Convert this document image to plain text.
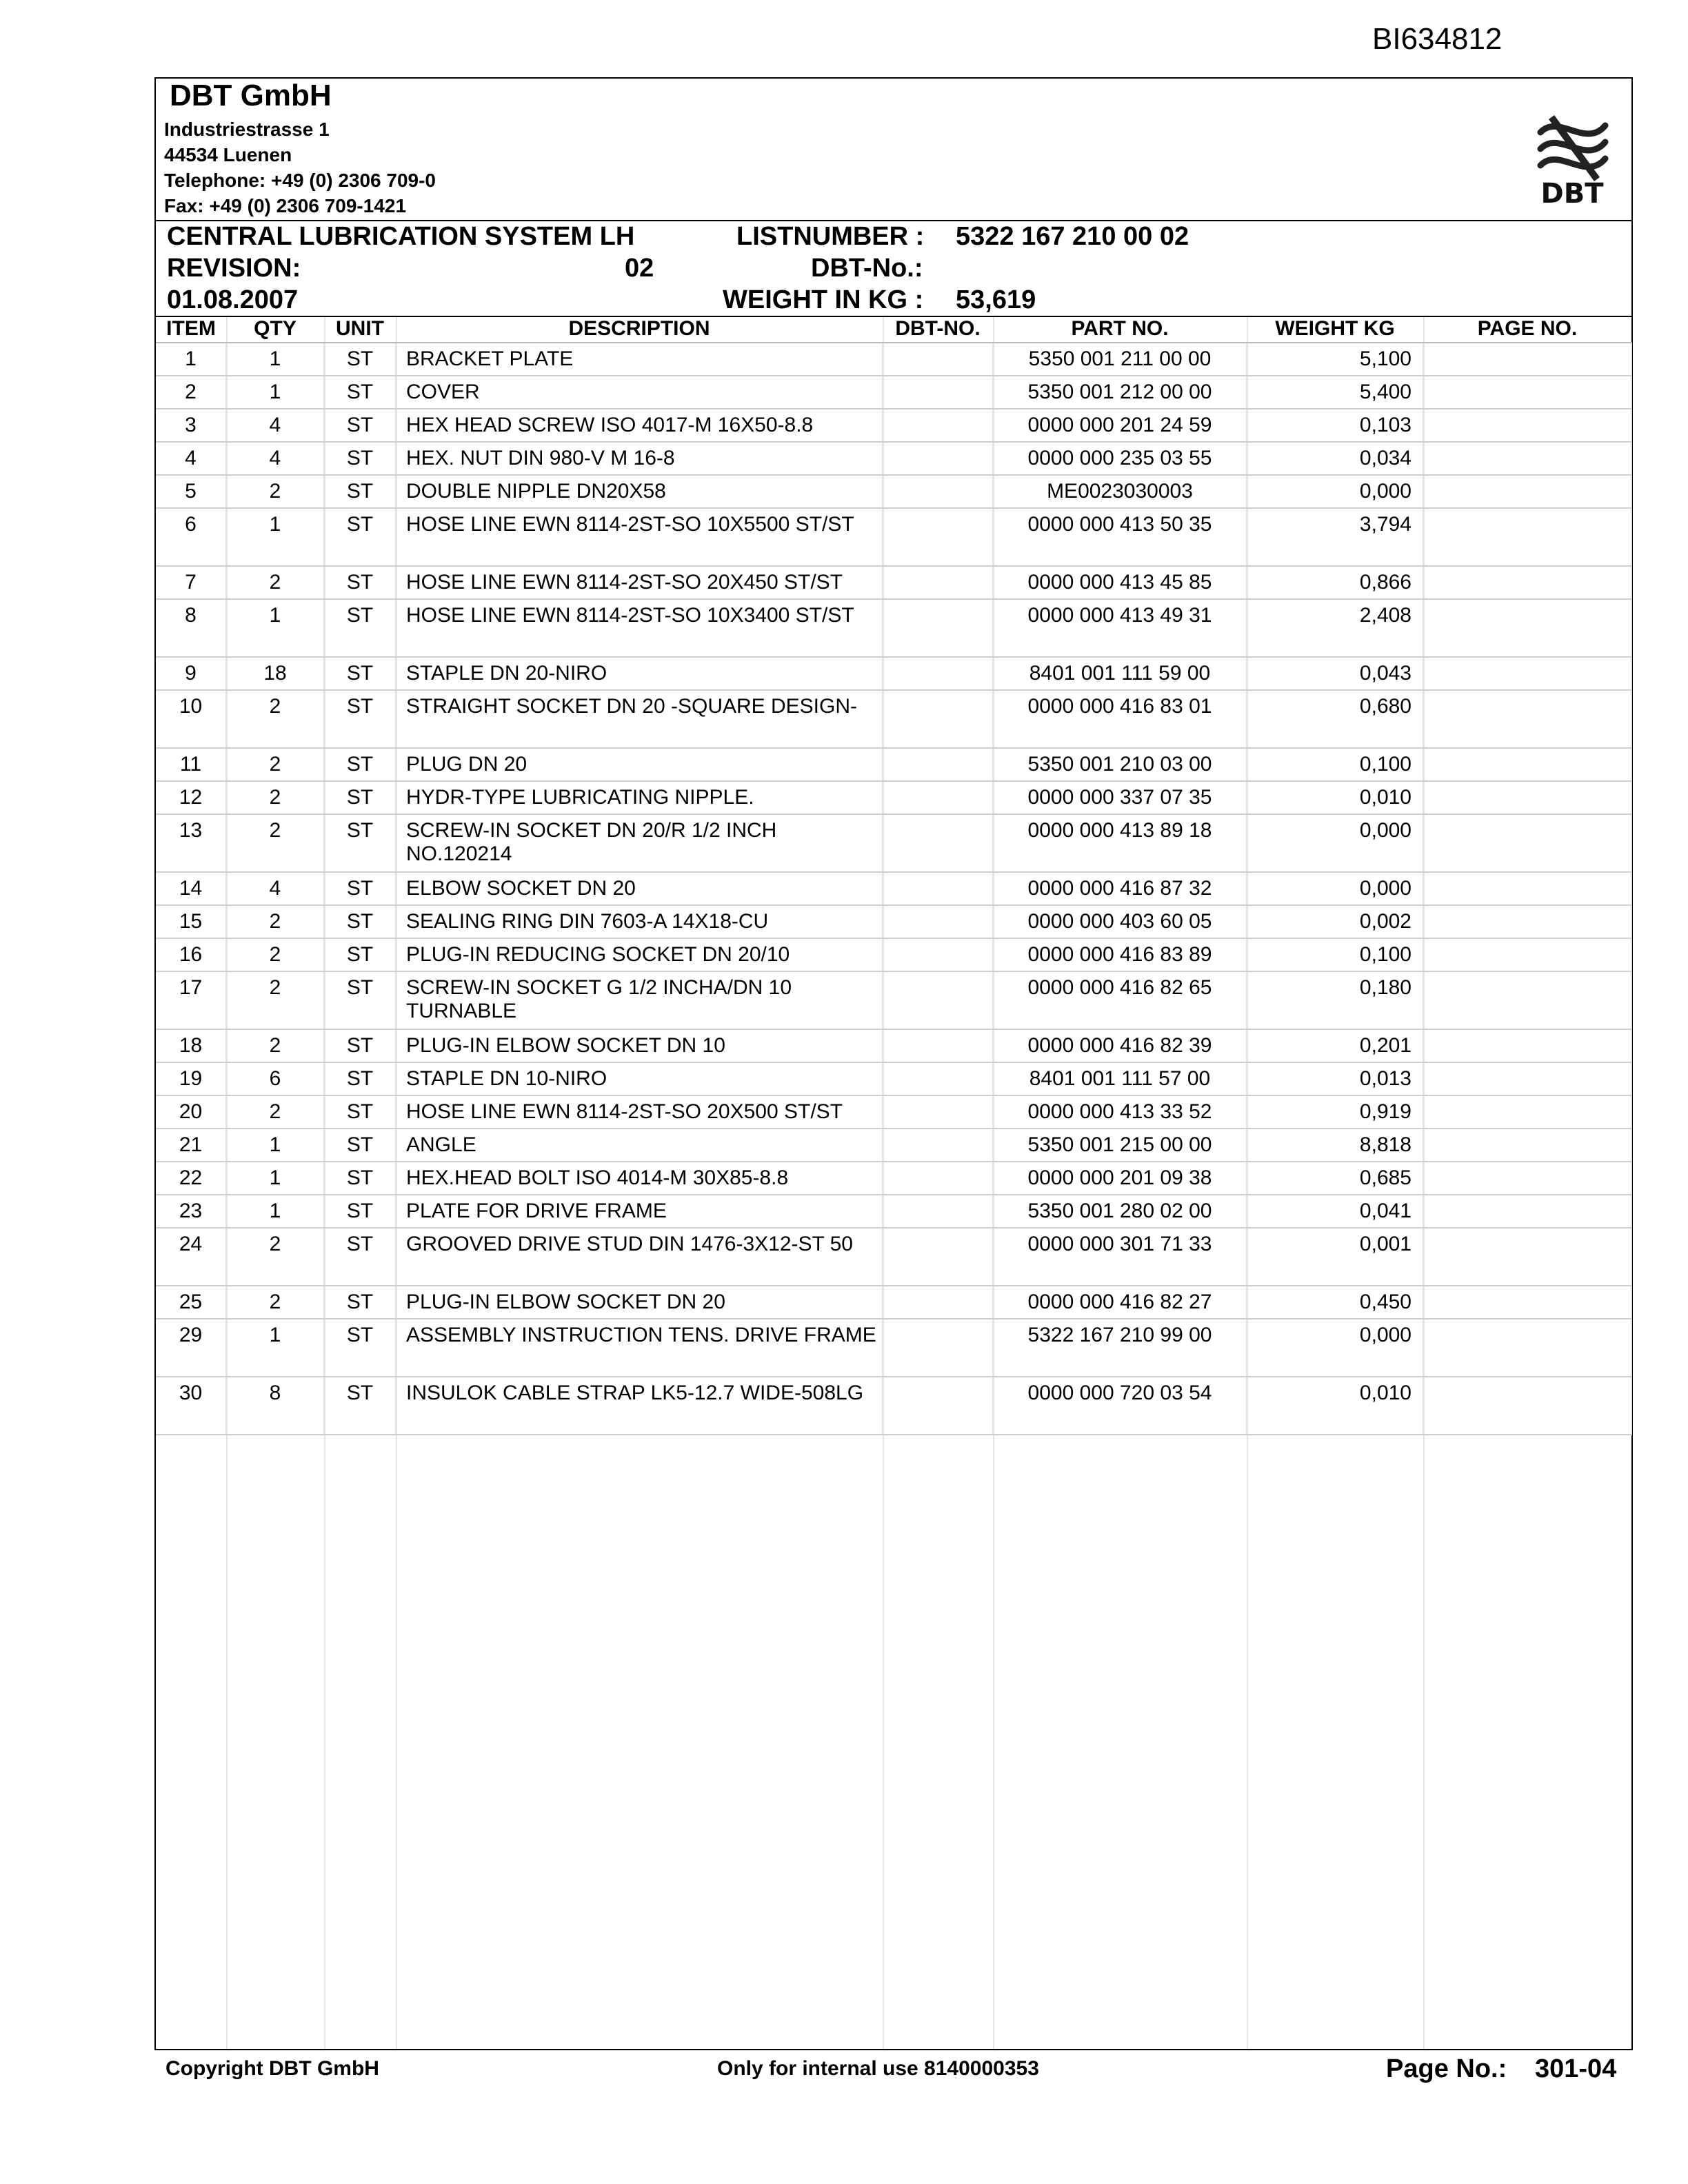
BI634812
DBT GmbH
Industriestrasse 1
44534 Luenen
Telephone: +49 (0) 2306 709-0
Fax: +49 (0) 2306 709-1421	DBT
CENTRAL LUBRICATION SYSTEM LH	LISTNUMBER : 5322 167 210 00 02
REVISION:	02	DBT-No.:
01.08.2007	WEIGHT IN KG : 53,619
ITEM	QTY	UNIT	DESCRIPTION	DBT-NO.	PART NO.	WEIGHT KG	PAGE NO.
1	1	ST	BRACKET PLATE		5350 001 211 00 00	5,100	
2	1	ST	COVER		5350 001 212 00 00	5,400	
3	4	ST	HEX HEAD SCREW ISO 4017-M 16X50-8.8		0000 000 201 24 59	0,103	
4	4	ST	HEX. NUT DIN 980-V M 16-8		0000 000 235 03 55	0,034	
5	2	ST	DOUBLE NIPPLE DN20X58		ME0023030003	0,000	
6	1	ST	HOSE LINE EWN 8114-2ST-SO 10X5500 ST/ST		0000 000 413 50 35	3,794	
7	2	ST	HOSE LINE EWN 8114-2ST-SO 20X450 ST/ST		0000 000 413 45 85	0,866	
8	1	ST	HOSE LINE EWN 8114-2ST-SO 10X3400 ST/ST		0000 000 413 49 31	2,408	
9	18	ST	STAPLE DN 20-NIRO		8401 001 111 59 00	0,043	
10	2	ST	STRAIGHT SOCKET DN 20 -SQUARE DESIGN-		0000 000 416 83 01	0,680	
11	2	ST	PLUG DN 20		5350 001 210 03 00	0,100	
12	2	ST	HYDR-TYPE LUBRICATING NIPPLE.		0000 000 337 07 35	0,010	
13	2	ST	SCREW-IN SOCKET DN 20/R 1/2 INCH NO.120214		0000 000 413 89 18	0,000	
14	4	ST	ELBOW SOCKET DN 20		0000 000 416 87 32	0,000	
15	2	ST	SEALING RING DIN 7603-A 14X18-CU		0000 000 403 60 05	0,002	
16	2	ST	PLUG-IN REDUCING SOCKET DN 20/10		0000 000 416 83 89	0,100	
17	2	ST	SCREW-IN SOCKET G 1/2 INCHA/DN 10 TURNABLE		0000 000 416 82 65	0,180	
18	2	ST	PLUG-IN ELBOW SOCKET DN 10		0000 000 416 82 39	0,201	
19	6	ST	STAPLE DN 10-NIRO		8401 001 111 57 00	0,013	
20	2	ST	HOSE LINE EWN 8114-2ST-SO 20X500 ST/ST		0000 000 413 33 52	0,919	
21	1	ST	ANGLE		5350 001 215 00 00	8,818	
22	1	ST	HEX.HEAD BOLT ISO 4014-M 30X85-8.8		0000 000 201 09 38	0,685	
23	1	ST	PLATE FOR DRIVE FRAME		5350 001 280 02 00	0,041	
24	2	ST	GROOVED DRIVE STUD DIN 1476-3X12-ST 50		0000 000 301 71 33	0,001	
25	2	ST	PLUG-IN ELBOW SOCKET DN 20		0000 000 416 82 27	0,450	
29	1	ST	ASSEMBLY INSTRUCTION TENS. DRIVE FRAME		5322 167 210 99 00	0,000	
30	8	ST	INSULOK CABLE STRAP LK5-12.7 WIDE-508LG		0000 000 720 03 54	0,010	
Copyright DBT GmbH	Only for internal use 8140000353	Page No.: 301-04
